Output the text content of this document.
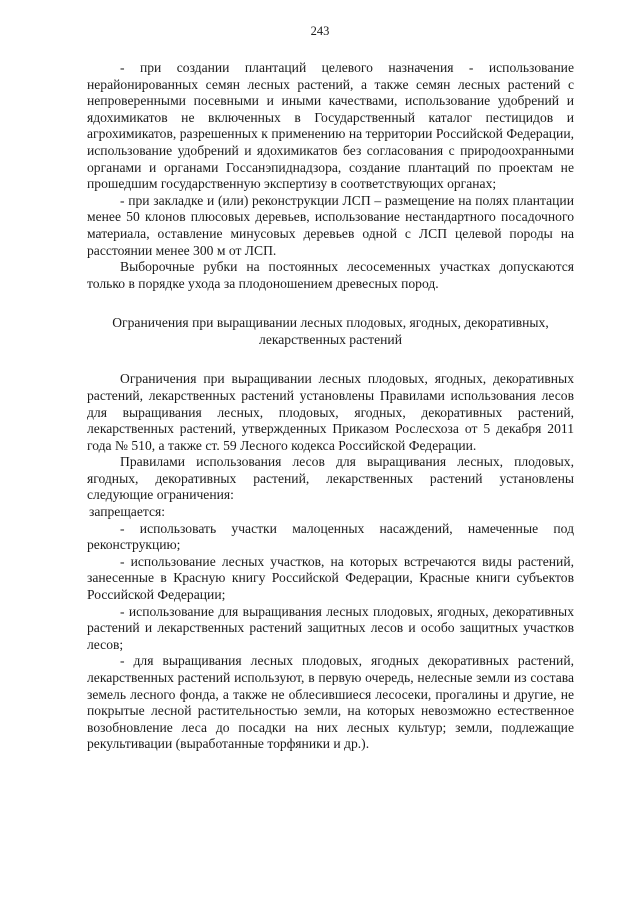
243

- при создании плантаций целевого назначения - использование нерайонированных семян лесных растений, а также семян лесных растений с непроверенными посевными и иными качествами, использование удобрений и ядохимикатов не включенных в Государственный каталог пестицидов и агрохимикатов, разрешенных к применению на территории Российской Федерации, использование удобрений и ядохимикатов без согласования с природоохранными органами и органами Госсанэпиднадзора, создание плантаций по проектам не прошедшим государственную экспертизу в соответствующих органах;

- при закладке и (или) реконструкции ЛСП – размещение на полях плантации менее 50 клонов плюсовых деревьев, использование нестандартного посадочного материала, оставление минусовых деревьев одной с ЛСП целевой породы на расстоянии менее 300 м от ЛСП.

Выборочные рубки на постоянных лесосеменных участках допускаются только в порядке ухода за плодоношением древесных пород.

Ограничения при выращивании лесных плодовых, ягодных, декоративных, лекарственных растений

Ограничения при выращивании лесных плодовых, ягодных, декоративных растений, лекарственных растений установлены Правилами использования лесов для выращивания лесных, плодовых, ягодных, декоративных растений, лекарственных растений, утвержденных Приказом Рослесхоза от 5 декабря 2011 года № 510, а также ст. 59 Лесного кодекса Российской Федерации.

Правилами использования лесов для выращивания лесных, плодовых, ягодных, декоративных растений, лекарственных растений установлены следующие ограничения:

запрещается:

- использовать участки малоценных насаждений, намеченные под реконструкцию;

- использование лесных участков, на которых встречаются виды растений, занесенные в Красную книгу Российской Федерации, Красные книги субъектов Российской Федерации;

- использование для выращивания лесных плодовых, ягодных, декоративных растений и лекарственных растений защитных лесов и особо защитных участков лесов;

- для выращивания лесных плодовых, ягодных декоративных растений, лекарственных растений используют, в первую очередь, нелесные земли из состава земель лесного фонда, а также не облесившиеся лесосеки, прогалины и другие, не покрытые лесной растительностью земли, на которых невозможно естественное возобновление леса до посадки на них лесных культур; земли, подлежащие рекультивации (выработанные торфяники и др.).
